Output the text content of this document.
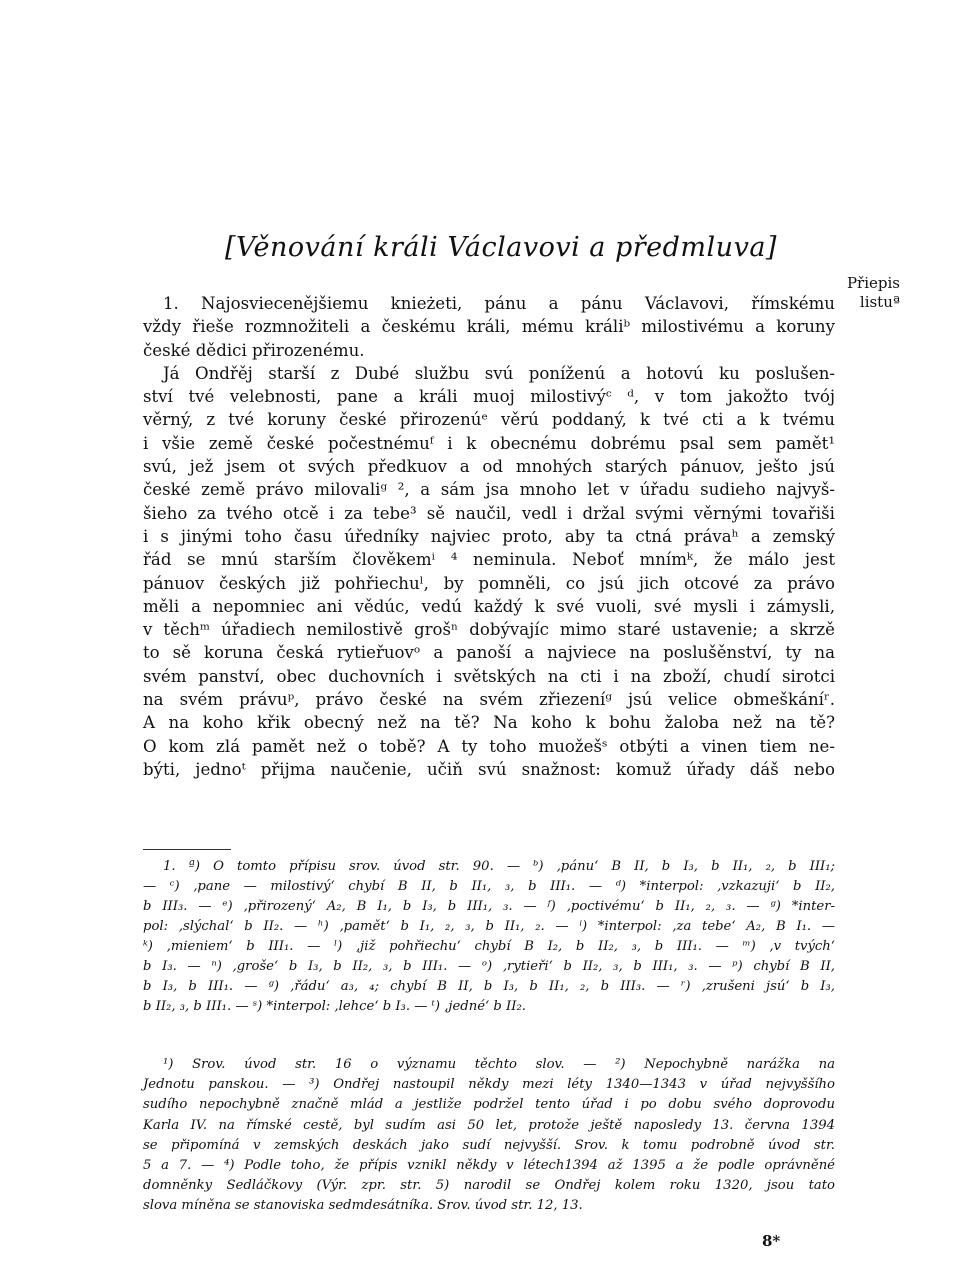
[Věnování králi Václavovi a předmluva]
Přiepis
listuª
1. Najosviecenějšiemu knieżeti, pánu a pánu Václavovi, římskému
vždy řieše rozmnožiteli a českému králi, mému králiᵇ milostivému a koruny
české dědici přirozenému.
Já Ondřěj starší z Dubé službu svú poníženú a hotovú ku poslušen-
ství tvé velebnosti, pane a králi muoj milostivýᶜ ᵈ, v tom jakožto tvój
věrný, z tvé koruny české přirozenúᵉ věrú poddaný, k tvé cti a k tvému
i všie země české počestnémuᶠ i k obecnému dobrému psal sem pamět¹
svú, jež jsem ot svých předkuov a od mnohých starých pánuov, ješto jsú
české země právo milovaliᵍ ², a sám jsa mnoho let v úřadu sudieho najvyš-
šieho za tvého otcě i za tebe³ sě naučil, vedl i držal svými věrnými tovařiši
i s jinými toho času úředníky najviec proto, aby ta ctná právaʰ a zemský
řád se mnú starším člověkemⁱ ⁴ neminula. Neboť mnímᵏ, že málo jest
pánuov českých již pohřiechuˡ, by pomněli, co jsú jich otcové za právo
měli a nepomniec ani vědúc, vedú každý k své vuoli, své mysli i zámysli,
v těchᵐ úřadiech nemilostivě grošⁿ dobývajíc mimo staré ustavenie; a skrzě
to sě koruna česká rytieřuovᵒ a panoší a najviece na poslušěnství, ty na
svém panství, obec duchovních i světských na cti i na zboží, chudí sirotci
na svém právuᵖ, právo české na svém zřiezeníᵍ jsú velice obmeškáníʳ.
A na koho křik obecný než na tě? Na koho k bohu žaloba než na tě?
O kom zlá pamět než o tobě? A ty toho muožešˢ otbýti a vinen tiem ne-
býti, jednoᵗ přijma naučenie, učiň svú snažnost: komuž úřady dáš nebo
1. ª) O tomto přípisu srov. úvod str. 90. — ᵇ) ‚pánu‘ B II, b I₃, b II₁, ₂, b III₁;
— ᶜ) ‚pane — milostivý‘ chybí B II, b II₁, ₃, b III₁. — ᵈ) *interpol: ‚vzkazuji‘ b II₂,
b III₃. — ᵉ) ‚přirozený‘ A₂, B I₁, b I₃, b III₁, ₃. — ᶠ) ‚poctivému‘ b II₁, ₂, ₃. — ᵍ) *inter-
pol: ‚slýchal‘ b II₂. — ʰ) ‚pamět‘ b I₁, ₂, ₃, b II₁, ₂. — ⁱ) *interpol: ‚za tebe‘ A₂, B I₁. —
ᵏ) ‚mieniem‘ b III₁. — ˡ) ‚již pohřiechu‘ chybí B I₂, b II₂, ₃, b III₁. — ᵐ) ‚v tvých‘
b I₃. — ⁿ) ‚groše‘ b I₃, b II₂, ₃, b III₁. — ᵒ) ‚rytieři‘ b II₂, ₃, b III₁, ₃. — ᵖ) chybí B II,
b I₃, b III₁. — ᵍ) ‚řádu‘ a₃, ₄; chybí B II, b I₃, b II₁, ₂, b III₃. — ʳ) ‚zrušeni jsú‘ b I₃,
b II₂, ₃, b III₁. — ˢ) *interpol: ‚lehce‘ b I₃. — ᵗ) ‚jedné‘ b II₂.
¹) Srov. úvod str. 16 o významu těchto slov. — ²) Nepochybně narážka na
Jednotu panskou. — ³) Ondřej nastoupil někdy mezi léty 1340—1343 v úřad nejvyššího
sudího nepochybně značně mlád a jestliže podržel tento úřad i po dobu svého doprovodu
Karla IV. na římské cestě, byl sudím asi 50 let, protože ještě naposledy 13. června 1394
se připomíná v zemských deskách jako sudí nejvyšší. Srov. k tomu podrobně úvod str.
5 a 7. — ⁴) Podle toho, že přípis vznikl někdy v létech1394 až 1395 a že podle oprávněné
domněnky Sedláčkovy (Výr. zpr. str. 5) narodil se Ondřej kolem roku 1320, jsou tato
slova míněna se stanoviska sedmdesátníka. Srov. úvod str. 12, 13.
8*
